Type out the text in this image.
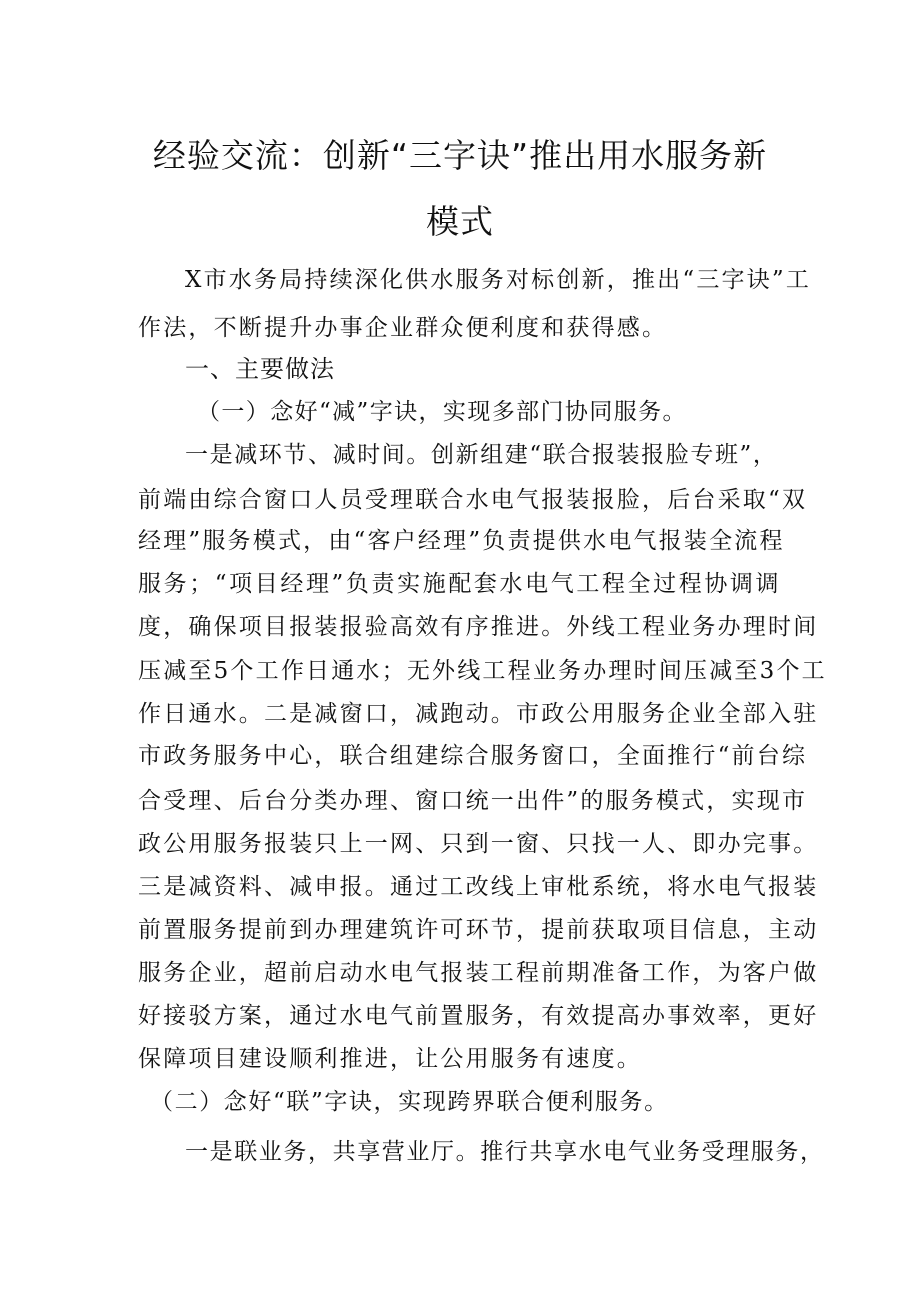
经验交流：创新“三字诀”推出用水服务新
模式
X市水务局持续深化供水服务对标创新，推出“三字诀”工
作法，不断提升办事企业群众便利度和获得感。
一、主要做法
（一）念好“减”字诀，实现多部门协同服务。
一是减环节、减时间。创新组建“联合报装报脸专班”，
前端由综合窗口人员受理联合水电气报装报脸，后台采取“双
经理”服务模式，由“客户经理”负责提供水电气报装全流程
服务；“项目经理”负责实施配套水电气工程全过程协调调
度，确保项目报装报验高效有序推进。外线工程业务办理时间
压减至5个工作日通水；无外线工程业务办理时间压减至3个工
作日通水。二是减窗口，减跑动。市政公用服务企业全部入驻
市政务服务中心，联合组建综合服务窗口，全面推行“前台综
合受理、后台分类办理、窗口统一出件”的服务模式，实现市
政公用服务报装只上一网、只到一窗、只找一人、即办完事。
三是减资料、减申报。通过工改线上审枇系统，将水电气报装
前置服务提前到办理建筑许可环节，提前获取项目信息，主动
服务企业，超前启动水电气报装工程前期准备工作，为客户做
好接驳方案，通过水电气前置服务，有效提高办事效率，更好
保障项目建设顺利推进，让公用服务有速度。
（二）念好“联”字诀，实现跨界联合便利服务。
一是联业务，共享营业厅。推行共享水电气业务受理服务，
